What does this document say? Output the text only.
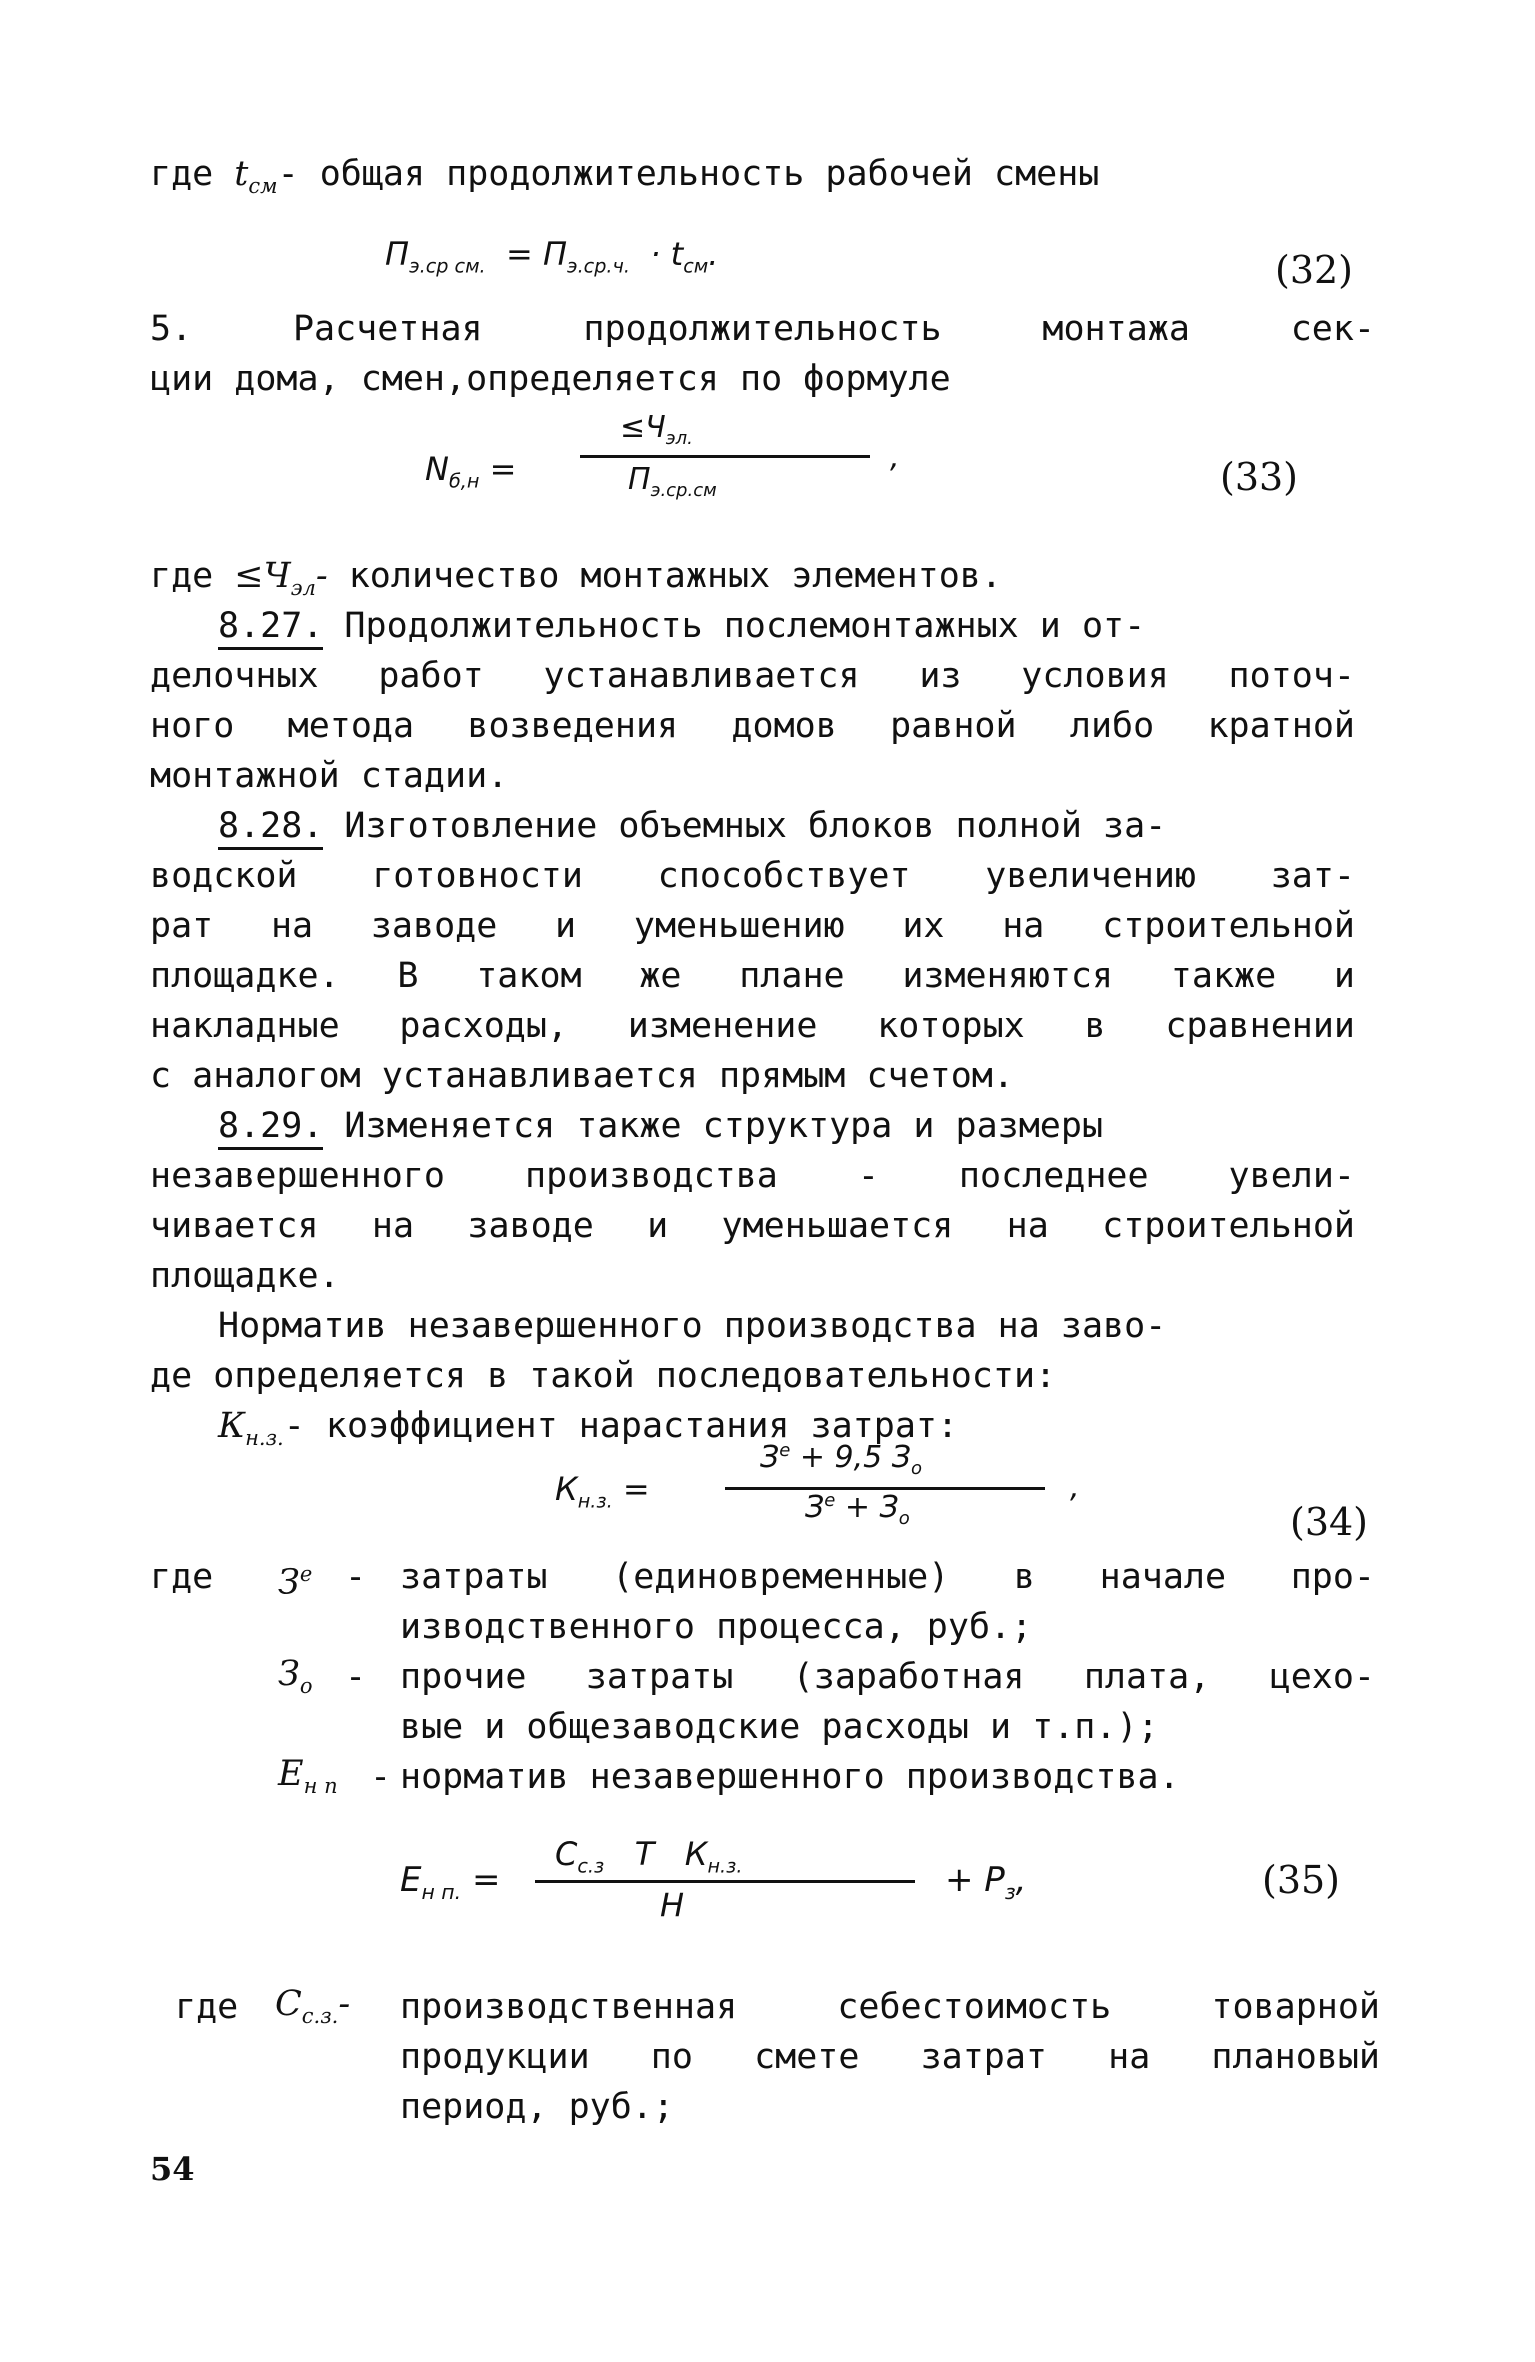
где $t_{см}-$ общая продолжительность рабочей смены
$П_{э.ср см.} = П_{э.ср.ч.} \cdot t_{см}$.	(32)
5. Расчетная продолжительность монтажа сек-
ции дома, смен,определяется по формуле
$N_{б,н}$ =
$\le Ч_{эл.}$
$П_{э.ср.см}$
,	(33)
где $\le Ч_{эл}-$ количество монтажных элементов.
8.27. Продолжительность послемонтажных и от-
делочных работ устанавливается из условия поточ-
ного метода возведения домов равной либо кратной
монтажной стадии.
8.28. Изготовление объемных блоков полной за-
водской готовности способствует увеличению зат-
рат на заводе и уменьшению их на строительной
площадке. В таком же плане изменяются также и
накладные расходы, изменение которых в сравнении
с аналогом устанавливается прямым счетом.
8.29. Изменяется также структура и размеры
незавершенного производства - последнее увели-
чивается на заводе и уменьшается на строительной
площадке.
Норматив незавершенного производства на заво-
де определяется в такой последовательности:
$К_{н.з.}-$ коэффициент нарастания затрат:
$К_{н.з.}$ =
$З^е + 9,5$ $З_о$
$З^е + З_о$
,
(34)
где $З^е$ - затраты (единовременные) в начале про-
изводственного процесса, руб.;
$З_о$ - прочие затраты (заработная плата, цехо-
вые и общезаводские расходы и т.п.);
$Е_{н п}$ - норматив незавершенного производства.
$Е_{н п.}$ =
$С_{с.з}$ Т $К_{н.з.}$
Н
+ $Р_з$,	(35)
где $С_{с.з.}-$ производственная себестоимость товарной
продукции по смете затрат на плановый
период, руб.;
54
